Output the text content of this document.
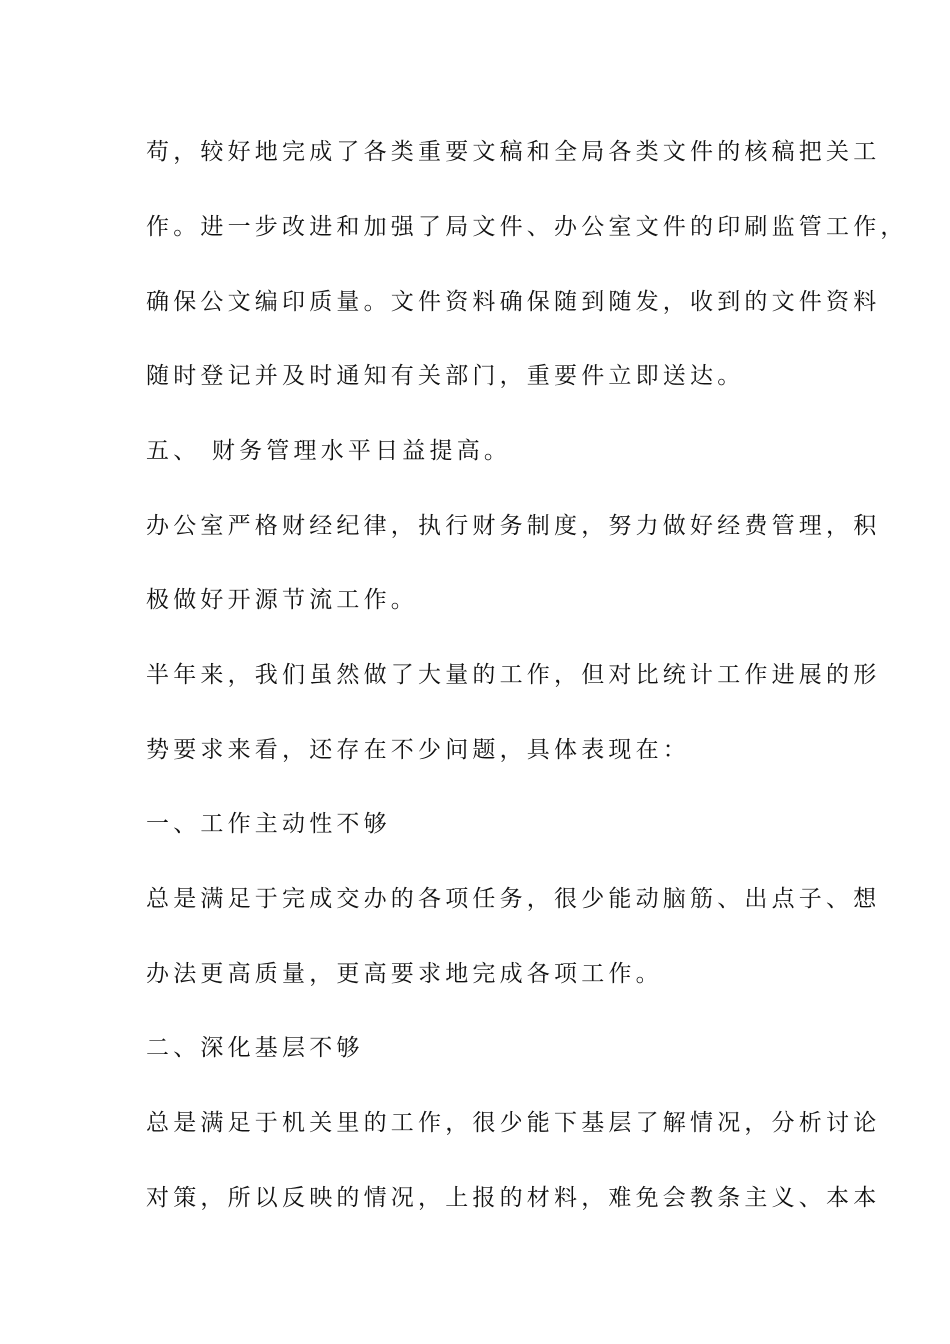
苟，较好地完成了各类重要文稿和全局各类文件的核稿把关工
作。进一步改进和加强了局文件、办公室文件的印刷监管工作，
确保公文编印质量。文件资料确保随到随发，收到的文件资料
随时登记并及时通知有关部门，重要件立即送达。
五、 财务管理水平日益提高。
办公室严格财经纪律，执行财务制度，努力做好经费管理，积
极做好开源节流工作。
半年来，我们虽然做了大量的工作，但对比统计工作进展的形
势要求来看，还存在不少问题，具体表现在：
一、工作主动性不够
总是满足于完成交办的各项任务，很少能动脑筋、出点子、想
办法更高质量，更高要求地完成各项工作。
二、深化基层不够
总是满足于机关里的工作，很少能下基层了解情况，分析讨论
对策，所以反映的情况，上报的材料，难免会教条主义、本本
